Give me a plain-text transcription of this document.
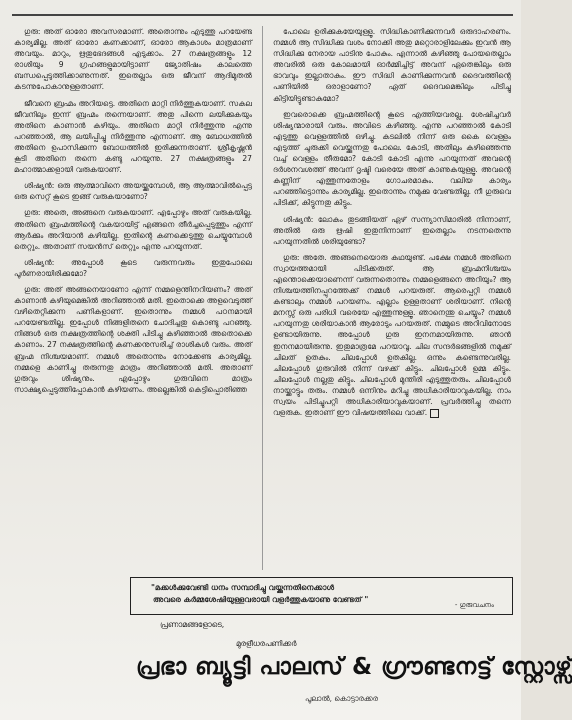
ഗുരു: അത് ഓരോ അവസരമാണ്. അതൊന്നും എടുത്തു പറയേണ്ട കാര്യമില്ല. അത് ഓരോ കണക്കാണ്, ഓരോ ആകാശം മാത്രമാണ് അവയും. മാറും, ഋതുഭേദങ്ങൾ എടുക്കാം. 27 നക്ഷത്രങ്ങളും 12 രാശിയും 9 ഗ്രഹങ്ങളുമായിട്ടാണ് ജ്യോതിഷം കാലത്തെ ബന്ധപ്പെടുത്തിക്കാണുന്നത്. ഇതെല്ലാം ഒരു ജീവന് ആദിമുതൽ കടന്നുപോകാനുള്ളതാണ്.

ജീവനെ ബ്രഹ്മം അറിയട്ടെ. അതിനെ മാറ്റി നിർത്തുകയാണ്. സകല ജീവനിലും ഇന്ന് ബ്രഹ്മം തന്നെയാണ്. അതു പിന്നെ ലയിക്കുകയും അതിനെ കാണാൻ കഴിയും. അതിനെ മാറ്റി നിർത്തുന്നു എന്നു പറഞ്ഞാൽ, ആ ലയിപ്പിച്ചു നിർത്തുന്നു എന്നാണ്. ആ ബോധത്തിൽ അതിനെ ഉപാസിക്കുന്ന ബോധത്തിൽ ഇരിക്കുന്നതാണ്. ശ്രീകൃഷ്ണൻ കൂടി അതിനെ തന്നെ കണ്ടു പറയുന്നു. 27 നക്ഷത്രങ്ങളും 27 മഹാത്മാക്കളായി വരുകയാണ്.

ശിഷ്യൻ: ഒരു ആത്മാവിനെ അയയ്ക്കുമ്പോൾ, ആ ആത്മാവിൽപ്പെട്ട ഒരു സെറ്റ് കൂടെ ഇങ്ങ് വരുകയാണോ?

ഗുരു: അതെ, അങ്ങനെ വരുകയാണ്. എപ്പോഴും അത് വരുകയില്ല. അതിനെ ബ്രഹ്മത്തിന്റെ വകയായിട്ട് എങ്ങനെ തീർച്ചപ്പെടുത്തും എന്ന് ആർക്കും അറിയാൻ കഴിയില്ല. ഇതിന്റെ കണക്കെടുത്തു ചെയ്യുമ്പോൾ തെറ്റും. അതാണ് സയൻസ് തെറ്റും എന്നു പറയുന്നത്.

ശിഷ്യൻ: അപ്പോൾ കൂടെ വരുന്നവരും ഇതുപോലെ പൂർണരായിരിക്കുമോ?

ഗുരു: അത് അങ്ങനെയാണോ എന്ന് നമ്മളെന്തിനറിയണം? അത് കാണാൻ കഴിയുമെങ്കിൽ അറിഞ്ഞാൽ മതി. ഇതൊക്കെ അളവെടുത്ത് വഴിതെറ്റിക്കുന്ന പണികളാണ്. ഇതൊന്നും നമ്മൾ പഠനമായി പറയേണ്ടതില്ല. ഇപ്പോൾ നിങ്ങളിതനെ ചോദിച്ചതു കൊണ്ടു പറഞ്ഞു. നിങ്ങൾ ഒരു നക്ഷത്രത്തിന്റെ ശക്തി പിടിച്ചു കഴിഞ്ഞാൽ അതൊക്കെ കാണാം. 27 നക്ഷത്രത്തിന്റെ കണക്കനുസരിച്ച് രാശികൾ വരും. അത് ബ്രഹ്മ നിശ്ചയമാണ്. നമ്മൾ അതൊന്നും നോക്കേണ്ട കാര്യമില്ല. നമ്മളെ കാണിച്ചു തരുന്നതു മാത്രം അറിഞ്ഞാൽ മതി. അതാണ് ഗുരുവും ശിഷ്യനും. എപ്പോഴും ഗുരുവിനെ മാത്രം സാക്ഷ്യപ്പെടുത്തിപ്പോകാൻ കഴിയണം. അല്ലെങ്കിൽ കെട്ടിപ്പൊതിഞ്ഞ

പോലെ ഉരിക്കുകയേയുള്ളൂ. സിദ്ധികാണിക്കുന്നവർ ഒരുദാഹരണം. നമ്മൾ ആ സിദ്ധിക്കു വശം നോക്കി അതു മറ്റൊരാളിലേക്കും ഇവൻ ആ സിദ്ധിക്കു നേരായ പാടിനു പോകും. എന്നാൽ കഴിഞ്ഞു പോയതെല്ലാം അവരിൽ ഒരു കോലമായി ഓർമ്മിച്ചിട്ട് അവന് ഏതെങ്കിലും ഒരു ഭാവവും ഇല്ലാതാകും. ഈ സിദ്ധി കാണിക്കുന്നവൻ ദൈവത്തിന്റെ പണിയിൽ ഒരാളാണോ? ഏത് ദൈവമെങ്കിലും പിടിച്ചു കിട്ടിയിട്ടുണ്ടാകുമോ?

ഇവരൊക്കെ ബ്രഹ്മത്തിന്റെ കൂടെ എത്തിയവരല്ല. ശേഷിച്ചവർ ശിഷ്യന്മാരായി വരും. അവിടെ കഴിഞ്ഞു. എന്നു പറഞ്ഞാൽ കോടി എടുത്തു വെള്ളത്തിൽ ഒഴിച്ചു. കടലിൽ നിന്ന് ഒരു കൈ വെള്ളം എടുത്ത് ചുരുക്കി വെയ്ക്കുന്നതു പോലെ. കോടി, അതിലും കഴിഞ്ഞെന്നു വച്ച് വെള്ളം തീരുമോ? കോടി കോടി എന്നു പറയുന്നത് അവന്റെ ദർശനവശത്ത് അവന് ദൃഷ്ടി വരെയേ അത് കാണുകയുള്ളൂ. അവന്റെ കണ്ണിന് എത്തുന്നതോളം ഗോചരമാകും. വലിയ കാര്യം പറഞ്ഞിട്ടൊന്നും കാര്യമില്ല. ഇതൊന്നും നമുക്കു വേണ്ടതില്ല. നീ ഗുരുവെ പിടിക്ക്, കിട്ടുന്നതു കിട്ടും.

ശിഷ്യൻ: ലോകം തുടങ്ങിയത് ഏഴ് സന്ന്യാസിമാരിൽ നിന്നാണ്, അതിൽ ഒരു ഋഷി ഇതുനിന്നാണ് ഇതെല്ലാം നടന്നതെന്നു പറയുന്നതിൽ ശരിയുണ്ടോ?

ഗുരു: അതേ. അങ്ങനെയൊരു കഥയുണ്ട്. പക്ഷേ നമ്മൾ അതിനെ സ്വായത്തമായി പിടിക്കരുത്. ആ ബ്രഹ്മനിശ്ചയം എന്തൊക്കെയാണെന്ന് വരുന്നതൊന്നും നമ്മളെങ്ങനെ അറിയും? ആ നിശ്ചയത്തിനപ്പുറത്തേക്ക് നമ്മൾ പറയരുത്. ആരെപ്പറ്റി നമ്മൾ കണ്ടാലും നമ്മൾ പറയണം. എല്ലാം ഉള്ളതാണ് ശരിയാണ്. നിന്റെ മനസ്സ് ഒരു പരിധി വരെയേ എത്തുന്നുള്ളൂ. ഞാനെന്തു ചെയ്യും? നമ്മൾ പറയുന്നതു ശരിയാകാൻ ആരോടും പറയരുത്. നമ്മുടെ അറിവിനോടേ ഉണ്ടായിരുന്നു. അപ്പോൾ ഗുരു ഇനനമായിരുന്നു. ഞാൻ ഇനനമായിരുന്നു. ഇതുമാത്രമേ പറയാവൂ. ചില സന്ദർഭങ്ങളിൽ നമുക്ക് ചിലത് ഉതകും. ചിലപ്പോൾ ഉതകില്ല. ഒന്നും കണ്ടെന്നുവരില്ല. ചിലപ്പോൾ ഗുരുവിൽ നിന്ന് വഴക്ക് കിട്ടും. ചിലപ്പോൾ ഉമ്മ കിട്ടും. ചിലപ്പോൾ നല്ലതു കിട്ടും. ചിലപ്പോൾ മുന്തിരി എടുത്തുതരും. ചിലപ്പോൾ നായ്ക്കാട്ടും തരും. നമ്മൾ ഒന്നിനും മറിച്ചു അധികാരിയാവുകയില്ല. നാം സ്വയം പിടിച്ചുപറ്റി അധികാരിയാവുകയാണ്. പ്രവർത്തിച്ചു തന്നെ വളരുക. ഇതാണ് ഈ വിഷയത്തിലെ വാക്ക്.

"മക്കൾക്കുവേണ്ടി ധനം സമ്പാദിച്ചു വയ്ക്കുന്നതിനെക്കാൾ
അവരെ കർമ്മശേഷിയുള്ളവരായി വളർത്തുകയാണു വേണ്ടത് "
- ഗുരുവചനം
പ്രണാമങ്ങളോടെ,
മുരളീധരപണിക്കർ
പ്രഭാ ബ്യൂട്ടി പാലസ് & ഗ്രൗണ്ടനട്ട് സ്റ്റോഴ്സ്
പൂലാൽ, കൊട്ടാരക്കര
